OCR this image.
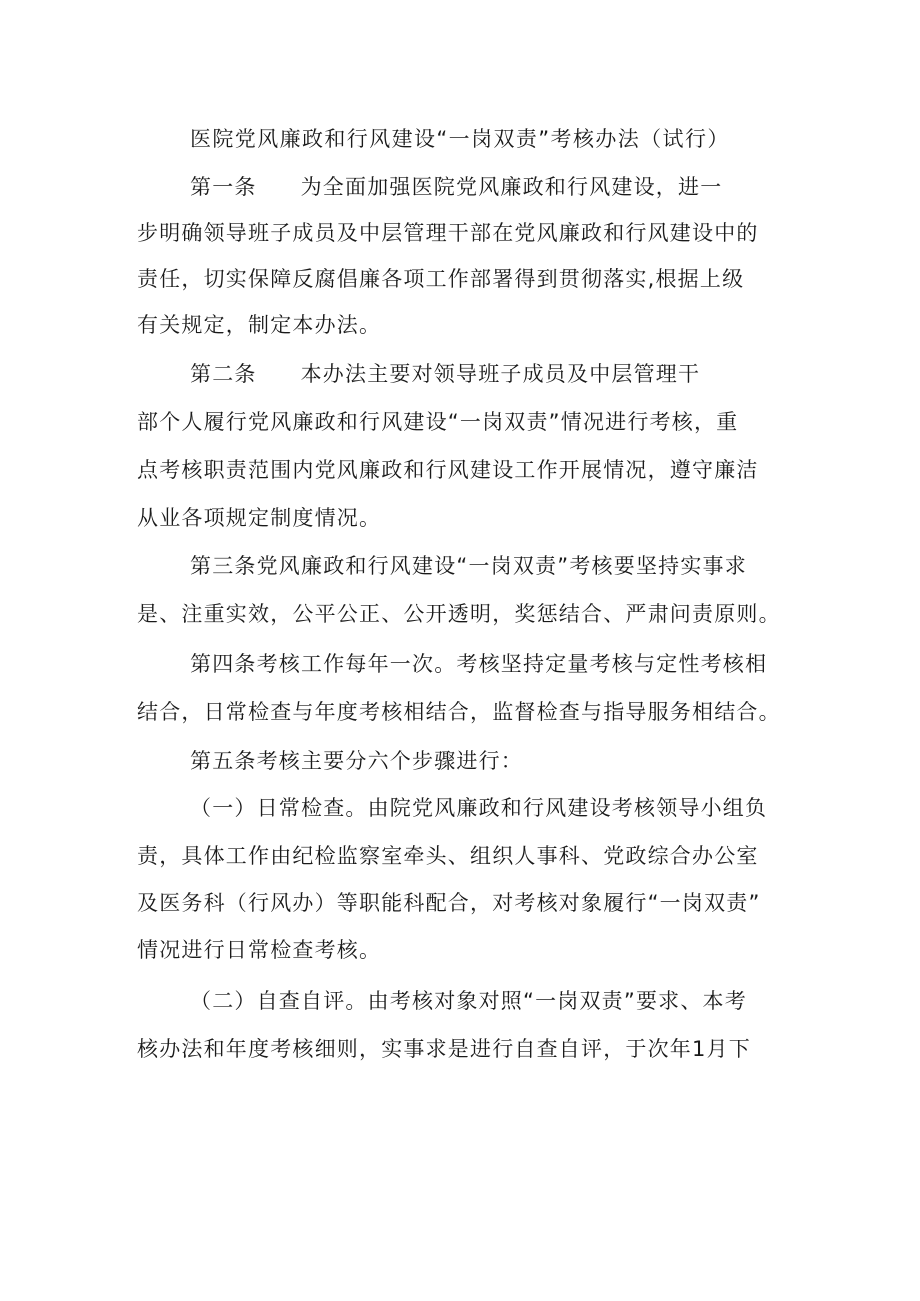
医院党风廉政和行风建设“一岗双责”考核办法（试行）
第一条 为全面加强医院党风廉政和行风建设，进一
步明确领导班子成员及中层管理干部在党风廉政和行风建设中的
责任，切实保障反腐倡廉各项工作部署得到贯彻落实,根据上级
有关规定，制定本办法。
第二条 本办法主要对领导班子成员及中层管理干
部个人履行党风廉政和行风建设“一岗双责”情况进行考核，重
点考核职责范围内党风廉政和行风建设工作开展情况，遵守廉洁
从业各项规定制度情况。
第三条党风廉政和行风建设“一岗双责”考核要坚持实事求
是、注重实效，公平公正、公开透明，奖惩结合、严肃问责原则。
第四条考核工作每年一次。考核坚持定量考核与定性考核相
结合，日常检查与年度考核相结合，监督检查与指导服务相结合。
第五条考核主要分六个步骤进行：
（一）日常检查。由院党风廉政和行风建设考核领导小组负
责，具体工作由纪检监察室牵头、组织人事科、党政综合办公室
及医务科（行风办）等职能科配合，对考核对象履行“一岗双责”
情况进行日常检查考核。
（二）自查自评。由考核对象对照“一岗双责”要求、本考
核办法和年度考核细则，实事求是进行自查自评，于次年1月下
